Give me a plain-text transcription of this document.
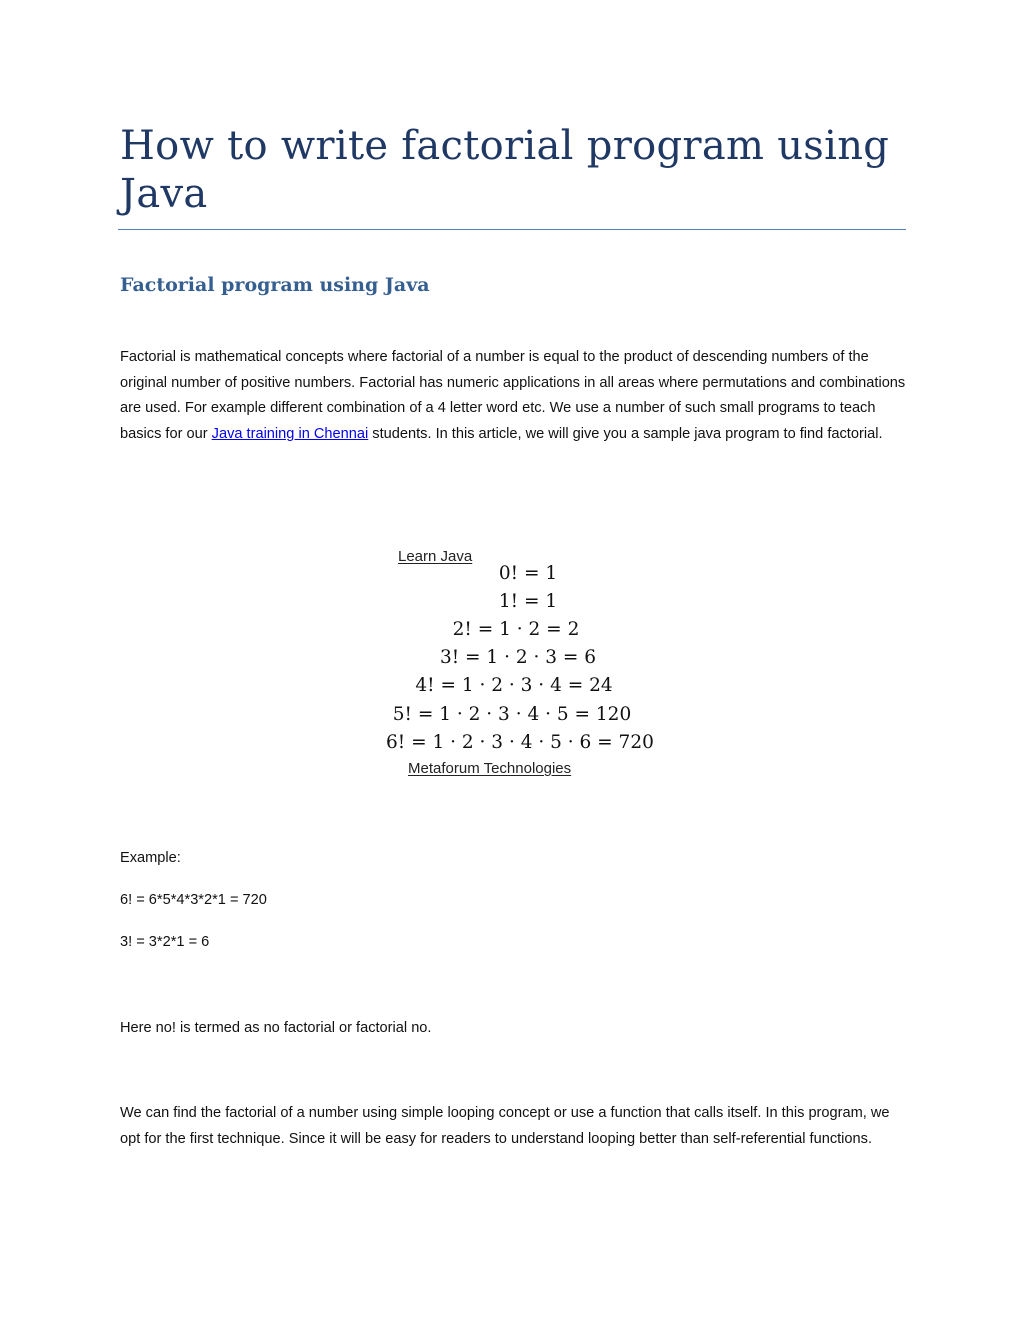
How to write factorial program using Java
Factorial program using Java

Factorial is mathematical concepts where factorial of a number is equal to the product of descending numbers of the original number of positive numbers. Factorial has numeric applications in all areas where permutations and combinations are used. For example different combination of a 4 letter word etc. We use a number of such small programs to teach basics for our Java training in Chennai students. In this article, we will give you a sample java program to find factorial.

Learn Java
0! = 1
1! = 1
2! = 1 · 2 = 2
3! = 1 · 2 · 3 = 6
4! = 1 · 2 · 3 · 4 = 24
5! = 1 · 2 · 3 · 4 · 5 = 120
6! = 1 · 2 · 3 · 4 · 5 · 6 = 720
Metaforum Technologies

Example:

6! = 6*5*4*3*2*1 = 720

3! = 3*2*1 = 6

Here no! is termed as no factorial or factorial no.

We can find the factorial of a number using simple looping concept or use a function that calls itself. In this program, we opt for the first technique. Since it will be easy for readers to understand looping better than self-referential functions.
